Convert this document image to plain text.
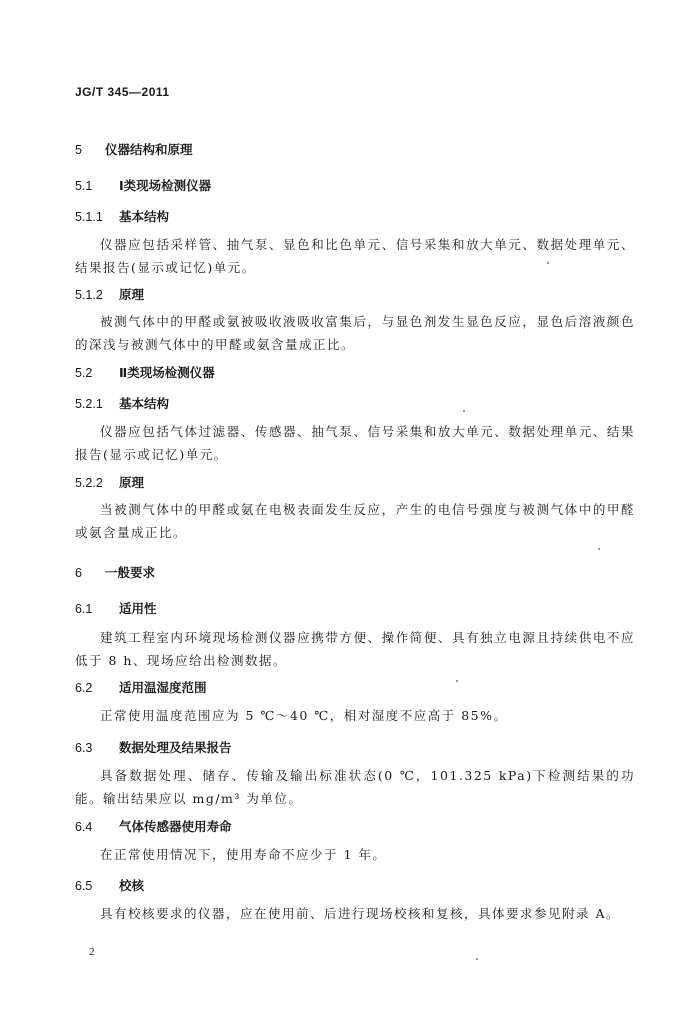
JG/T 345—2011
5 仪器结构和原理
5.1 Ⅰ类现场检测仪器
5.1.1 基本结构
仪器应包括采样管、抽气泵、显色和比色单元、信号采集和放大单元、数据处理单元、结果报告(显示或记忆)单元。
5.1.2 原理
被测气体中的甲醛或氨被吸收液吸收富集后，与显色剂发生显色反应，显色后溶液颜色的深浅与被测气体中的甲醛或氨含量成正比。
5.2 Ⅱ类现场检测仪器
5.2.1 基本结构
仪器应包括气体过滤器、传感器、抽气泵、信号采集和放大单元、数据处理单元、结果报告(显示或记忆)单元。
5.2.2 原理
当被测气体中的甲醛或氨在电极表面发生反应，产生的电信号强度与被测气体中的甲醛或氨含量成正比。
6 一般要求
6.1 适用性
建筑工程室内环境现场检测仪器应携带方便、操作简便、具有独立电源且持续供电不应低于 8 h、现场应给出检测数据。
6.2 适用温湿度范围
正常使用温度范围应为 5 ℃～40 ℃，相对湿度不应高于 85%。
6.3 数据处理及结果报告
具备数据处理、储存、传输及输出标准状态(0 ℃，101.325 kPa)下检测结果的功能。输出结果应以 mg/m³ 为单位。
6.4 气体传感器使用寿命
在正常使用情况下，使用寿命不应少于 1 年。
6.5 校核
具有校核要求的仪器，应在使用前、后进行现场校核和复核，具体要求参见附录 A。
2
